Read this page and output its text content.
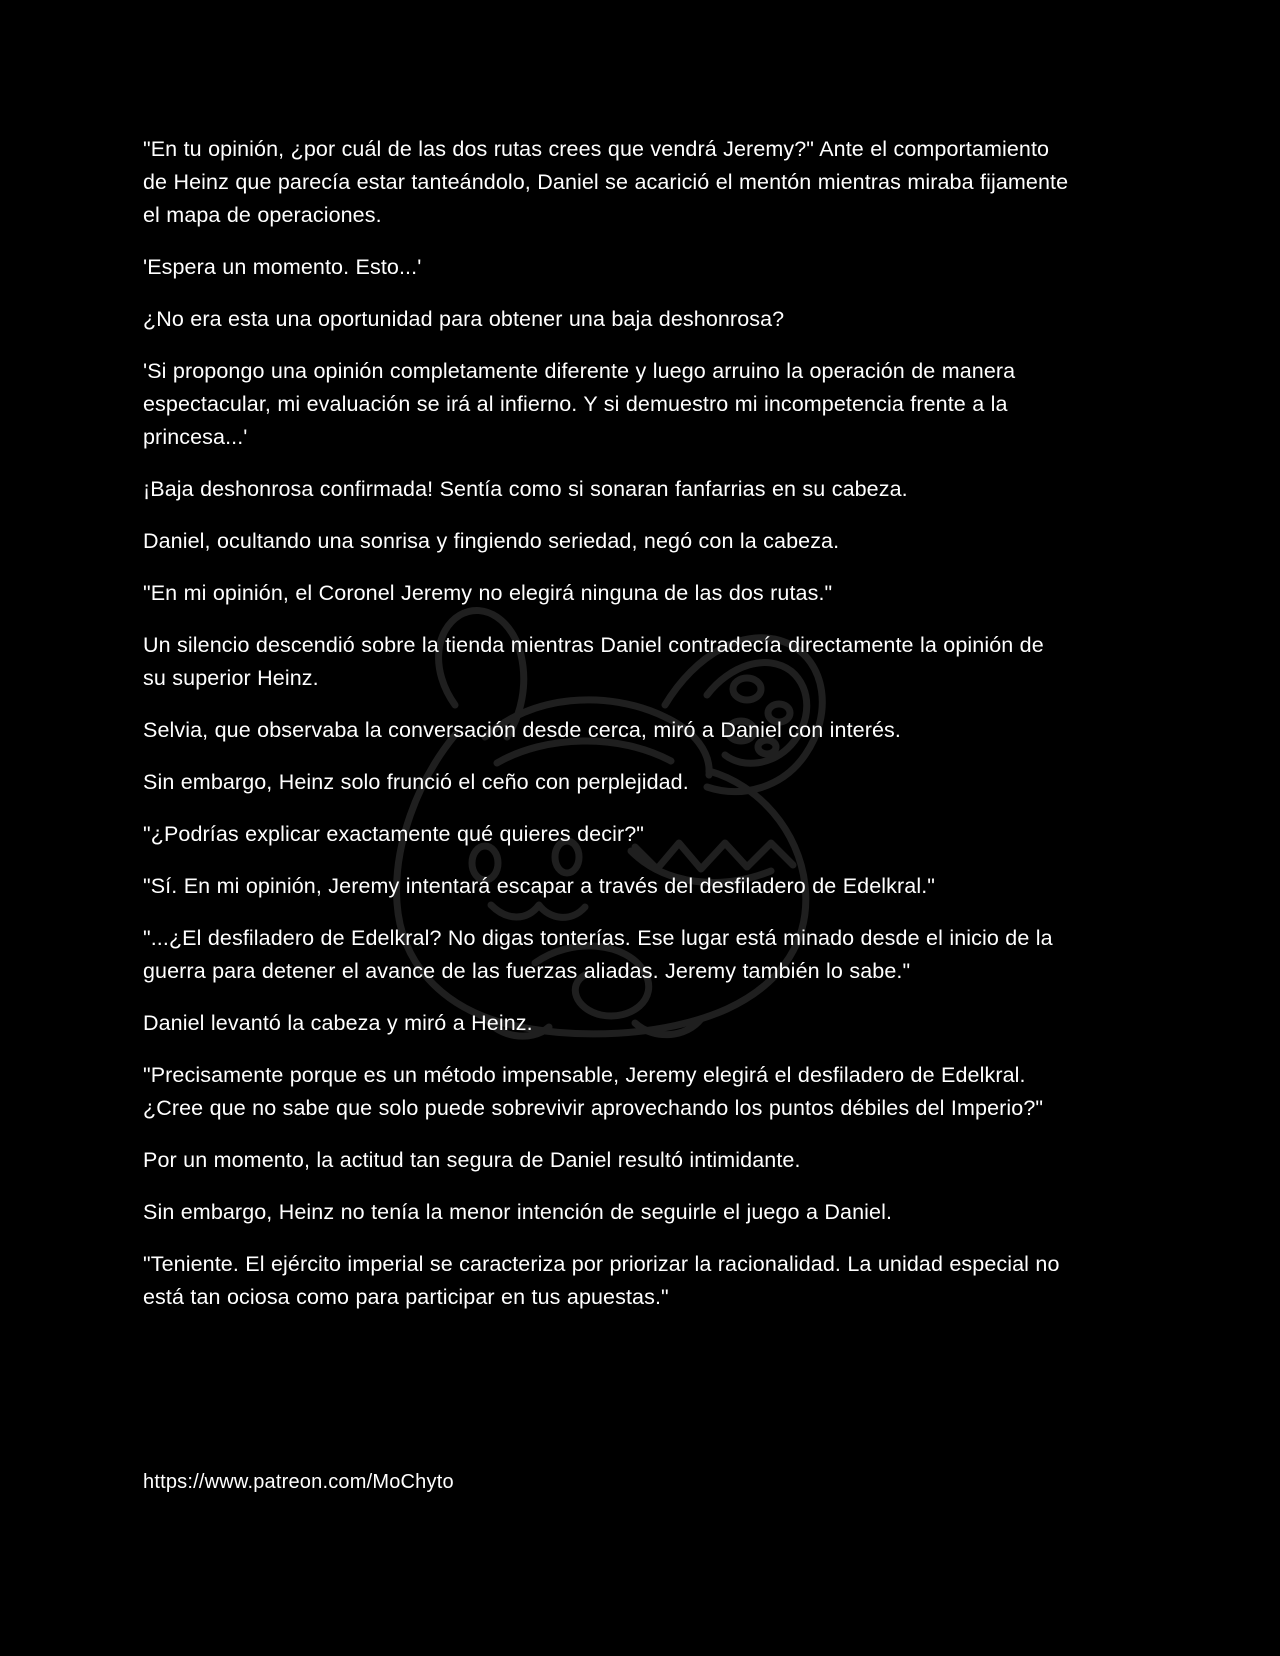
"En tu opinión, ¿por cuál de las dos rutas crees que vendrá Jeremy?" Ante el comportamiento de Heinz que parecía estar tanteándolo, Daniel se acarició el mentón mientras miraba fijamente el mapa de operaciones.

'Espera un momento. Esto...'

¿No era esta una oportunidad para obtener una baja deshonrosa?

'Si propongo una opinión completamente diferente y luego arruino la operación de manera espectacular, mi evaluación se irá al infierno. Y si demuestro mi incompetencia frente a la princesa...'

¡Baja deshonrosa confirmada! Sentía como si sonaran fanfarrias en su cabeza.

Daniel, ocultando una sonrisa y fingiendo seriedad, negó con la cabeza.

"En mi opinión, el Coronel Jeremy no elegirá ninguna de las dos rutas."

Un silencio descendió sobre la tienda mientras Daniel contradecía directamente la opinión de su superior Heinz.

Selvia, que observaba la conversación desde cerca, miró a Daniel con interés.

Sin embargo, Heinz solo frunció el ceño con perplejidad.

"¿Podrías explicar exactamente qué quieres decir?"

"Sí. En mi opinión, Jeremy intentará escapar a través del desfiladero de Edelkral."

"...¿El desfiladero de Edelkral? No digas tonterías. Ese lugar está minado desde el inicio de la guerra para detener el avance de las fuerzas aliadas. Jeremy también lo sabe."

Daniel levantó la cabeza y miró a Heinz.

"Precisamente porque es un método impensable, Jeremy elegirá el desfiladero de Edelkral. ¿Cree que no sabe que solo puede sobrevivir aprovechando los puntos débiles del Imperio?"

Por un momento, la actitud tan segura de Daniel resultó intimidante.

Sin embargo, Heinz no tenía la menor intención de seguirle el juego a Daniel.

"Teniente. El ejército imperial se caracteriza por priorizar la racionalidad. La unidad especial no está tan ociosa como para participar en tus apuestas."

https://www.patreon.com/MoChyto
